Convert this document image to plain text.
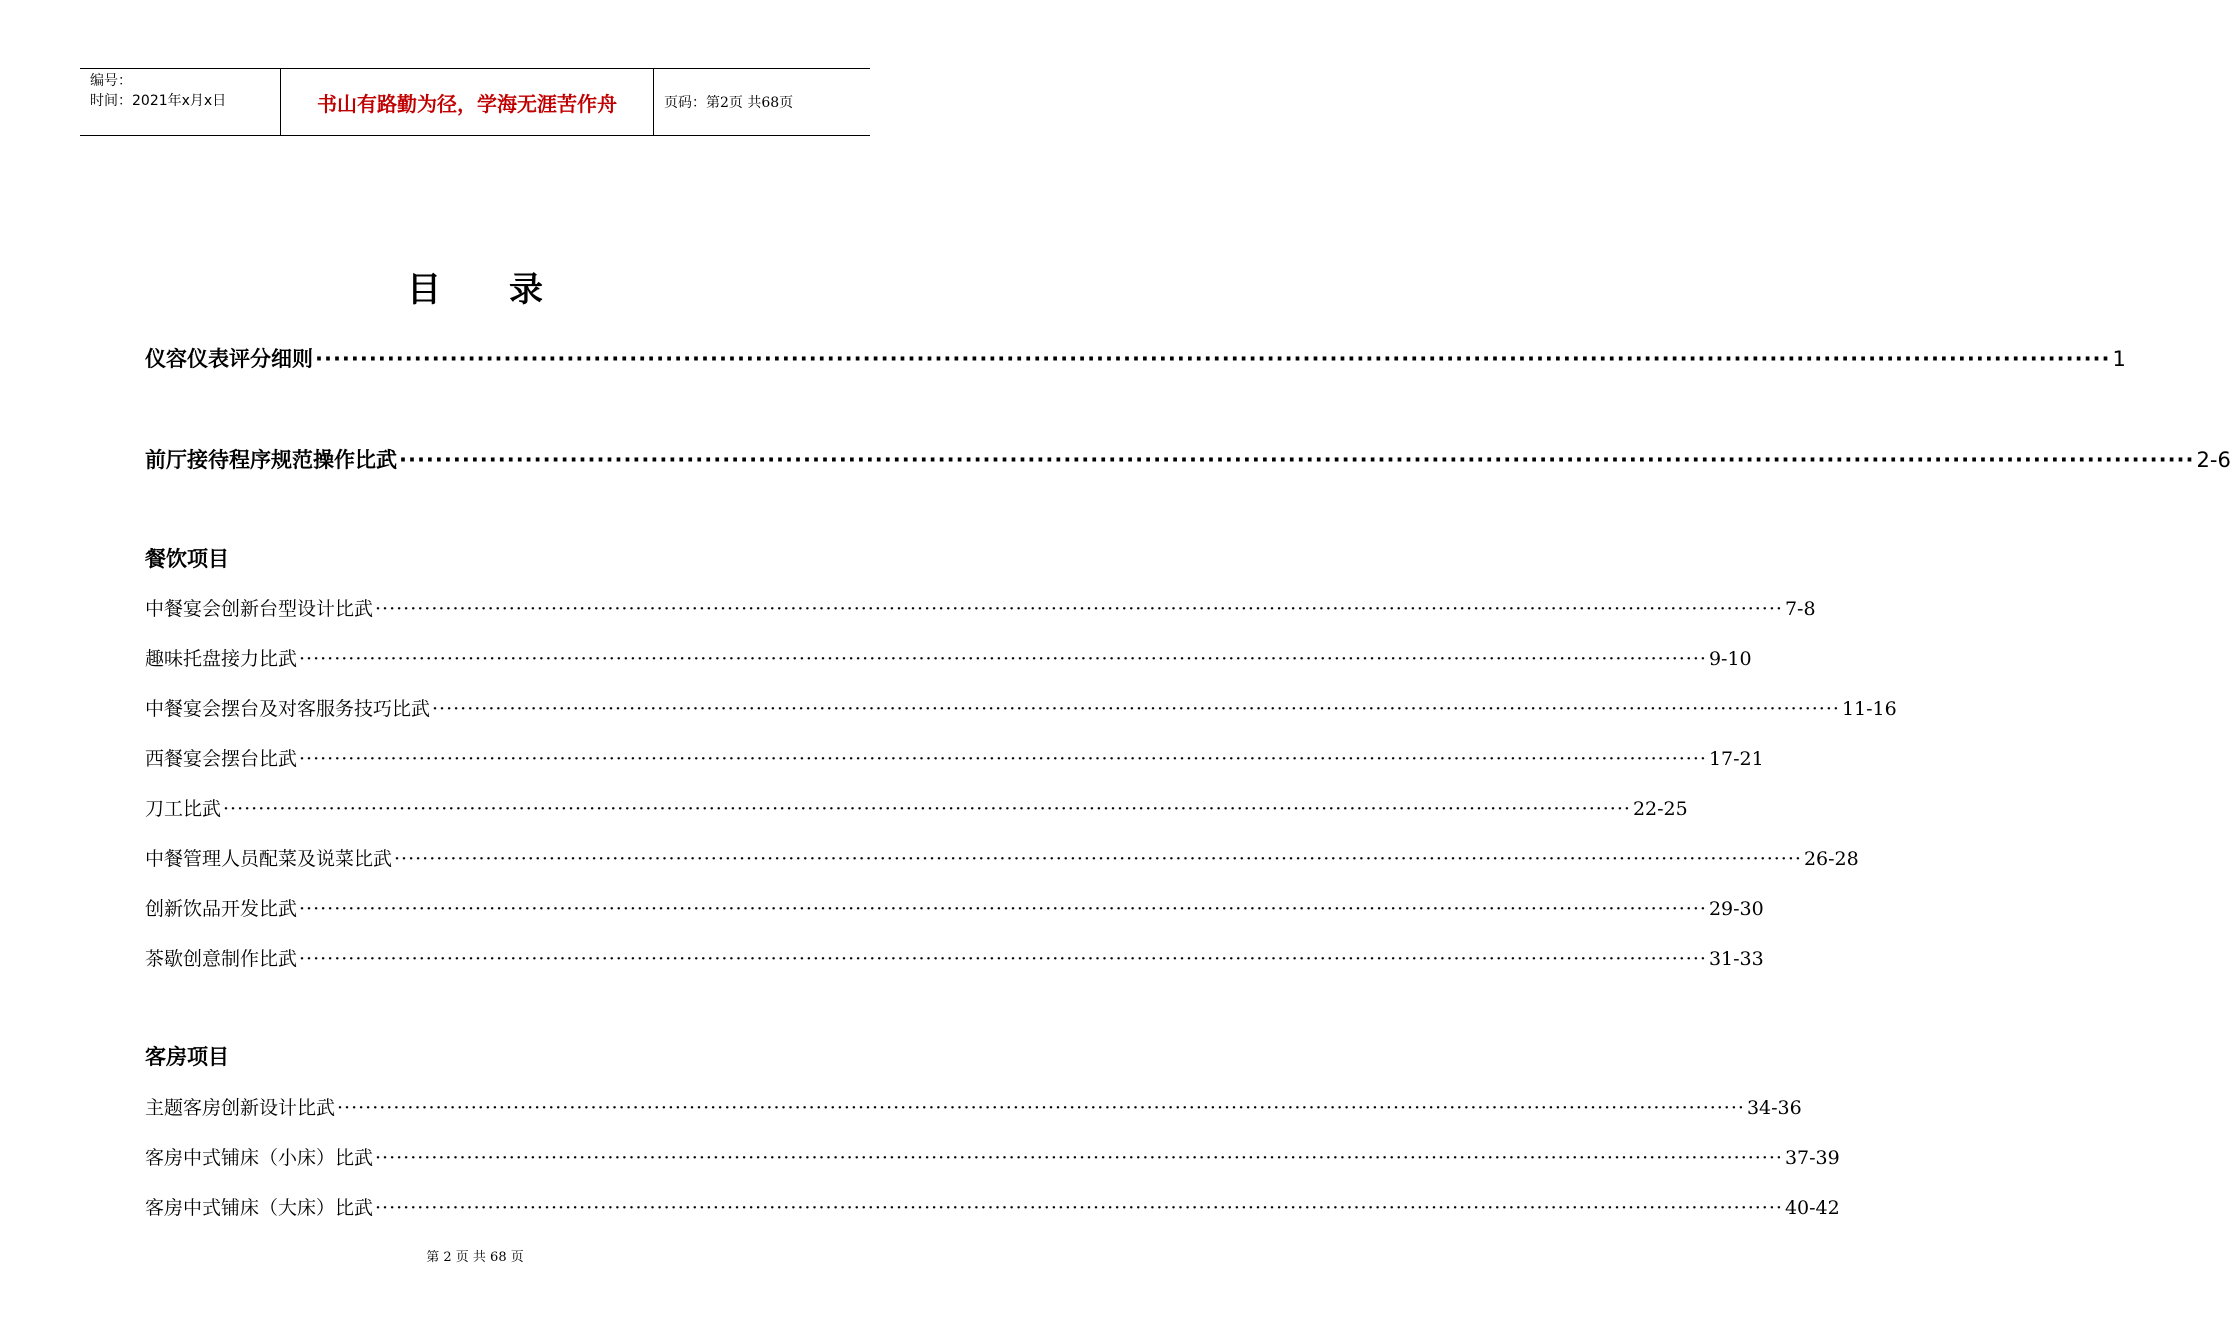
编号：
时间：2021年x月x日	书山有路勤为径，学海无涯苦作舟	页码：第2页 共68页
目录
仪容仪表评分细则 ········································································································································································································ 1
前厅接待程序规范操作比武 ········································································································································································································ 2-6
餐饮项目
中餐宴会创新台型设计比武 ········································································································································································································ 7-8
趣味托盘接力比武 ········································································································································································································ 9-10
中餐宴会摆台及对客服务技巧比武 ········································································································································································································ 11-16
西餐宴会摆台比武 ········································································································································································································ 17-21
刀工比武 ········································································································································································································ 22-25
中餐管理人员配菜及说菜比武 ········································································································································································································ 26-28
创新饮品开发比武 ········································································································································································································ 29-30
茶歇创意制作比武 ········································································································································································································ 31-33
客房项目
主题客房创新设计比武 ········································································································································································································ 34-36
客房中式铺床（小床）比武 ········································································································································································································ 37-39
客房中式铺床（大床）比武 ········································································································································································································ 40-42
第 2 页 共 68 页
